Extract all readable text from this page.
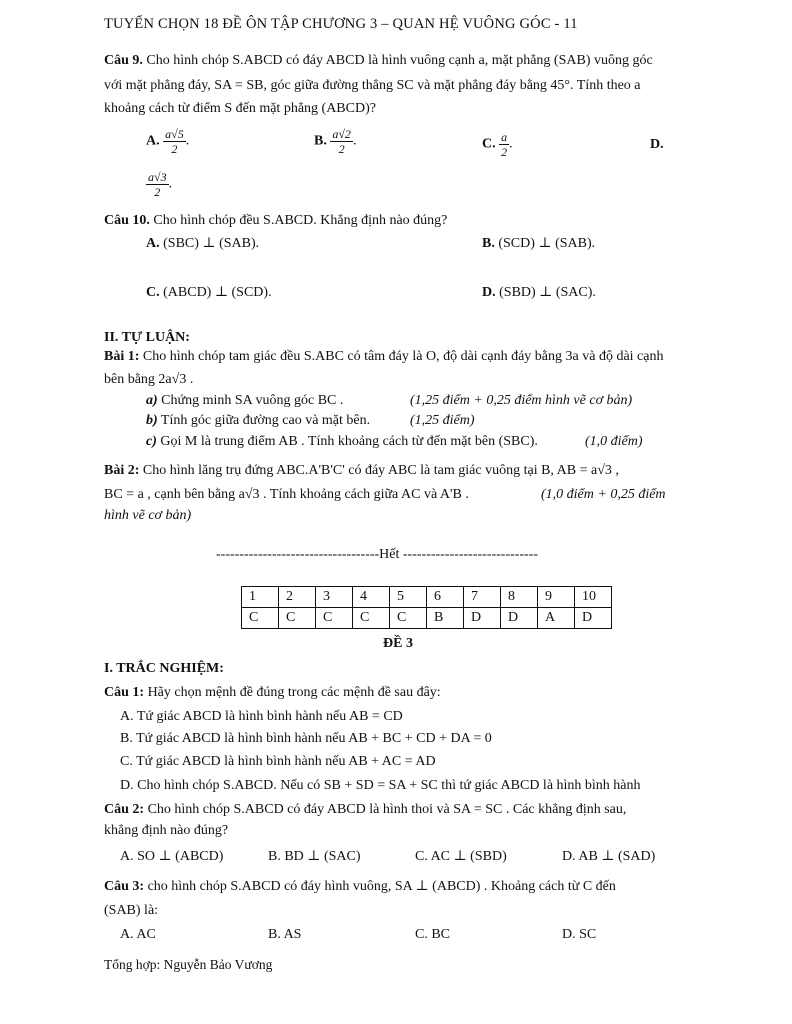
TUYỂN CHỌN 18 ĐỀ ÔN TẬP CHƯƠNG 3 – QUAN HỆ VUÔNG GÓC - 11
Câu 9. Cho hình chóp S.ABCD có đáy ABCD là hình vuông cạnh a, mặt phẳng (SAB) vuông góc
với mặt phẳng đáy, SA = SB, góc giữa đường thẳng SC và mặt phẳng đáy bằng 45°. Tính theo a
khoảng cách từ điểm S đến mặt phẳng (ABCD)?
A. $\frac{a√5}{2}$ .	B. $\frac{a√2}{2}$ .	C. $\frac{a}{2}$ .	D.
$\frac{a√3}{2}$ .
Câu 10. Cho hình chóp đều S.ABCD. Khẳng định nào đúng?
A. (SBC) ⊥ (SAB).	B. (SCD) ⊥ (SAB).
C. (ABCD) ⊥ (SCD).	D. (SBD) ⊥ (SAC).
II. TỰ LUẬN:
Bài 1: Cho hình chóp tam giác đều S.ABC có tâm đáy là O, độ dài cạnh đáy bằng 3a và độ dài cạnh
bên bằng 2a√3 .
a) Chứng minh SA vuông góc BC .	(1,25 điểm + 0,25 điểm hình vẽ cơ bản)
b) Tính góc giữa đường cao và mặt bên.	(1,25 điểm)
c) Gọi M là trung điểm AB . Tính khoảng cách từ đến mặt bên (SBC).	(1,0 điểm)
Bài 2: Cho hình lăng trụ đứng ABC.A'B'C' có đáy ABC là tam giác vuông tại B, AB = a√3 ,
BC = a , cạnh bên bằng a√3 . Tính khoảng cách giữa AC và A'B .	(1,0 điểm + 0,25 điểm
hình vẽ cơ bản)
-----------------------------------Hết -----------------------------
1	2	3	4	5	6	7	8	9	10
C	C	C	C	C	B	D	D	A	D
ĐỀ 3
I. TRẮC NGHIỆM:
Câu 1: Hãy chọn mệnh đề đúng trong các mệnh đề sau đây:
A. Tứ giác ABCD là hình bình hành nếu AB = CD
B. Tứ giác ABCD là hình bình hành nếu AB + BC + CD + DA = 0
C. Tứ giác ABCD là hình bình hành nếu AB + AC = AD
D. Cho hình chóp S.ABCD. Nếu có SB + SD = SA + SC thì tứ giác ABCD là hình bình hành
Câu 2: Cho hình chóp S.ABCD có đáy ABCD là hình thoi và SA = SC . Các khẳng định sau,
khẳng định nào đúng?
A. SO ⊥ (ABCD)	B. BD ⊥ (SAC)	C. AC ⊥ (SBD)	D. AB ⊥ (SAD)
Câu 3: cho hình chóp S.ABCD có đáy hình vuông, SA ⊥ (ABCD) . Khoảng cách từ C đến
(SAB) là:
A. AC	B. AS	C. BC	D. SC
Tổng hợp: Nguyễn Bảo Vương
